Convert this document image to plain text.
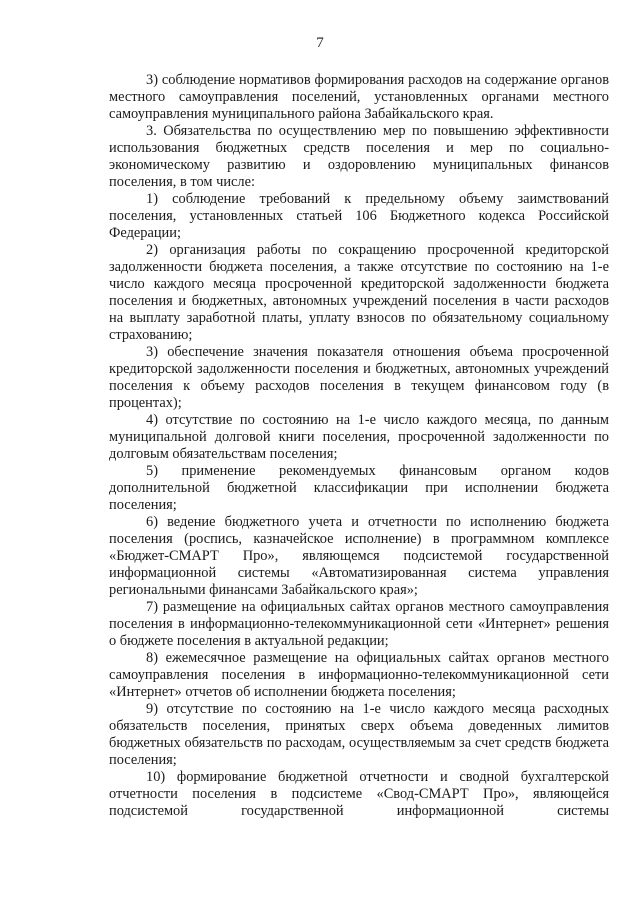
7

3) соблюдение нормативов формирования расходов на содержание органов местного самоуправления поселений, установленных органами местного самоуправления муниципального района Забайкальского края.

3. Обязательства по осуществлению мер по повышению эффективности использования бюджетных средств поселения и мер по социально-экономическому развитию и оздоровлению муниципальных финансов поселения, в том числе:

1) соблюдение требований к предельному объему заимствований поселения, установленных статьей 106 Бюджетного кодекса Российской Федерации;

2) организация работы по сокращению просроченной кредиторской задолженности бюджета поселения, а также отсутствие по состоянию на 1-е число каждого месяца просроченной кредиторской задолженности бюджета поселения и бюджетных, автономных учреждений поселения в части расходов на выплату заработной платы, уплату взносов по обязательному социальному страхованию;

3) обеспечение значения показателя отношения объема просроченной кредиторской задолженности поселения и бюджетных, автономных учреждений поселения к объему расходов поселения в текущем финансовом году (в процентах);

4) отсутствие по состоянию на 1-е число каждого месяца, по данным муниципальной долговой книги поселения, просроченной задолженности по долговым обязательствам поселения;

5) применение рекомендуемых финансовым органом кодов дополнительной бюджетной классификации при исполнении бюджета поселения;

6) ведение бюджетного учета и отчетности по исполнению бюджета поселения (роспись, казначейское исполнение) в программном комплексе «Бюджет-СМАРТ Про», являющемся подсистемой государственной информационной системы «Автоматизированная система управления региональными финансами Забайкальского края»;

7) размещение на официальных сайтах органов местного самоуправления поселения в информационно-телекоммуникационной сети «Интернет» решения о бюджете поселения в актуальной редакции;

8) ежемесячное размещение на официальных сайтах органов местного самоуправления поселения в информационно-телекоммуникационной сети «Интернет» отчетов об исполнении бюджета поселения;

9) отсутствие по состоянию на 1-е число каждого месяца расходных обязательств поселения, принятых сверх объема доведенных лимитов бюджетных обязательств по расходам, осуществляемым за счет средств бюджета поселения;

10) формирование бюджетной отчетности и сводной бухгалтерской отчетности поселения в подсистеме «Свод-СМАРТ Про», являющейся подсистемой государственной информационной системы
